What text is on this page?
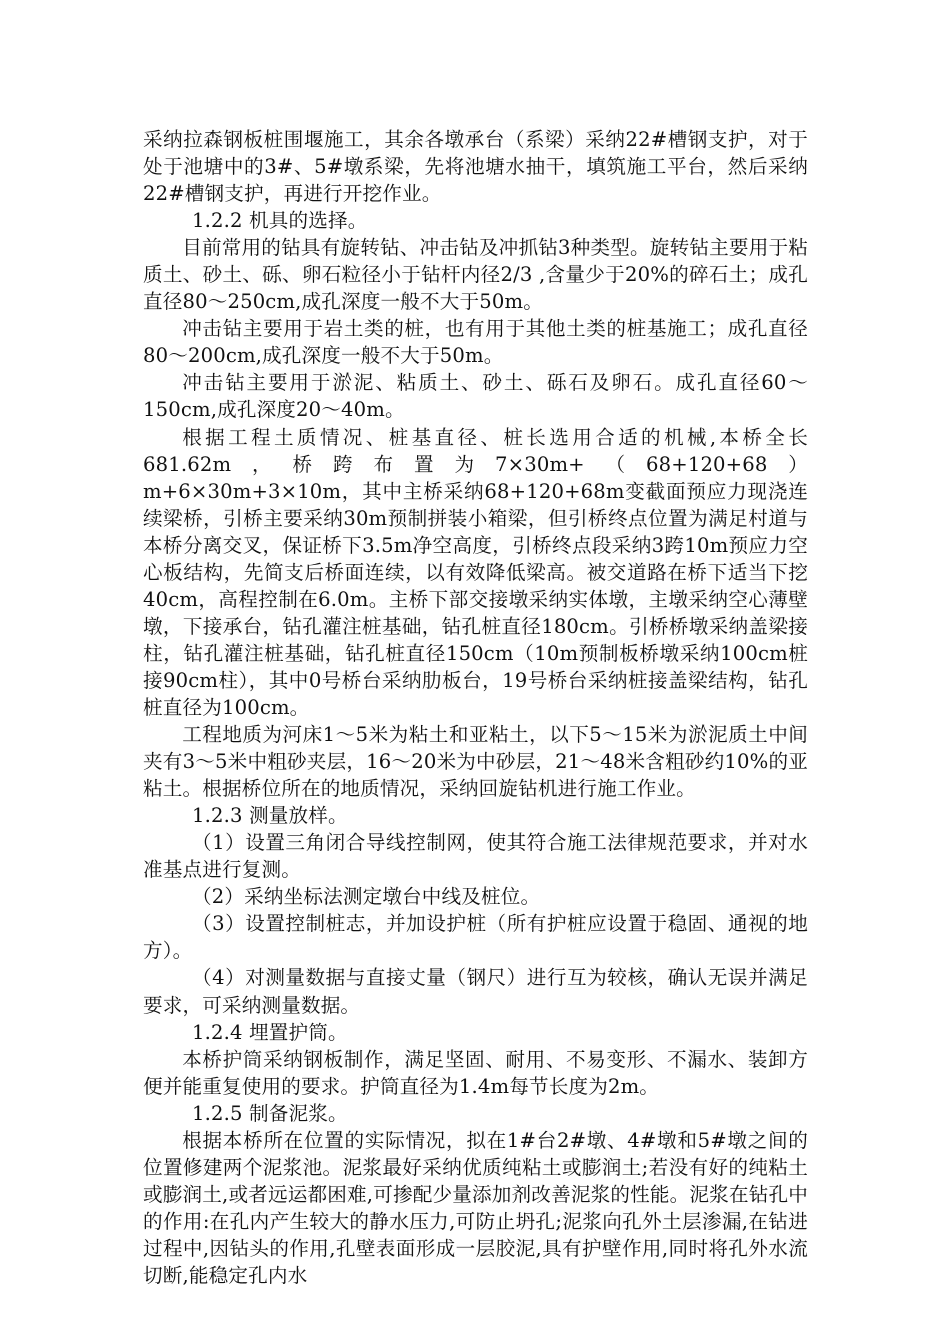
采纳拉森钢板桩围堰施工，其余各墩承台（系梁）采纳22#槽钢支护，对于处于池塘中的3#、5#墩系梁，先将池塘水抽干，填筑施工平台，然后采纳22#槽钢支护，再进行开挖作业。

1.2.2 机具的选择。

目前常用的钻具有旋转钻、冲击钻及冲抓钻3种类型。旋转钻主要用于粘质土、砂土、砾、卵石粒径小于钻杆内径2/3 ,含量少于20%的碎石土；成孔直径80～250cm,成孔深度一般不大于50m。

冲击钻主要用于岩土类的桩，也有用于其他土类的桩基施工；成孔直径80～200cm,成孔深度一般不大于50m。

冲击钻主要用于淤泥、粘质土、砂土、砾石及卵石。成孔直径60～150cm,成孔深度20～40m。

根据工程土质情况、桩基直径、桩长选用合适的机械,本桥全长681.62m，桥跨布置为7×30m+（68+120+68）m+6×30m+3×10m，其中主桥采纳68+120+68m变截面预应力现浇连续梁桥，引桥主要采纳30m预制拼装小箱梁，但引桥终点位置为满足村道与本桥分离交叉，保证桥下3.5m净空高度，引桥终点段采纳3跨10m预应力空心板结构，先简支后桥面连续，以有效降低梁高。被交道路在桥下适当下挖40cm，高程控制在6.0m。主桥下部交接墩采纳实体墩，主墩采纳空心薄壁墩，下接承台，钻孔灌注桩基础，钻孔桩直径180cm。引桥桥墩采纳盖梁接柱，钻孔灌注桩基础，钻孔桩直径150cm（10m预制板桥墩采纳100cm桩接90cm柱），其中0号桥台采纳肋板台，19号桥台采纳桩接盖梁结构，钻孔桩直径为100cm。

工程地质为河床1～5米为粘土和亚粘土，以下5～15米为淤泥质土中间夹有3～5米中粗砂夹层，16～20米为中砂层，21～48米含粗砂约10%的亚粘土。根据桥位所在的地质情况，采纳回旋钻机进行施工作业。

1.2.3 测量放样。

（1）设置三角闭合导线控制网，使其符合施工法律规范要求，并对水准基点进行复测。

（2）采纳坐标法测定墩台中线及桩位。

（3）设置控制桩志，并加设护桩（所有护桩应设置于稳固、通视的地方）。

（4）对测量数据与直接丈量（钢尺）进行互为较核，确认无误并满足要求，可采纳测量数据。

1.2.4 埋置护筒。

本桥护筒采纳钢板制作，满足坚固、耐用、不易变形、不漏水、装卸方便并能重复使用的要求。护筒直径为1.4m每节长度为2m。

1.2.5 制备泥浆。

根据本桥所在位置的实际情况，拟在1#台2#墩、4#墩和5#墩之间的位置修建两个泥浆池。泥浆最好采纳优质纯粘土或膨润土;若没有好的纯粘土或膨润土,或者远运都困难,可掺配少量添加剂改善泥浆的性能。泥浆在钻孔中的作用:在孔内产生较大的静水压力,可防止坍孔;泥浆向孔外土层渗漏,在钻进过程中,因钻头的作用,孔壁表面形成一层胶泥,具有护壁作用,同时将孔外水流切断,能稳定孔内水
